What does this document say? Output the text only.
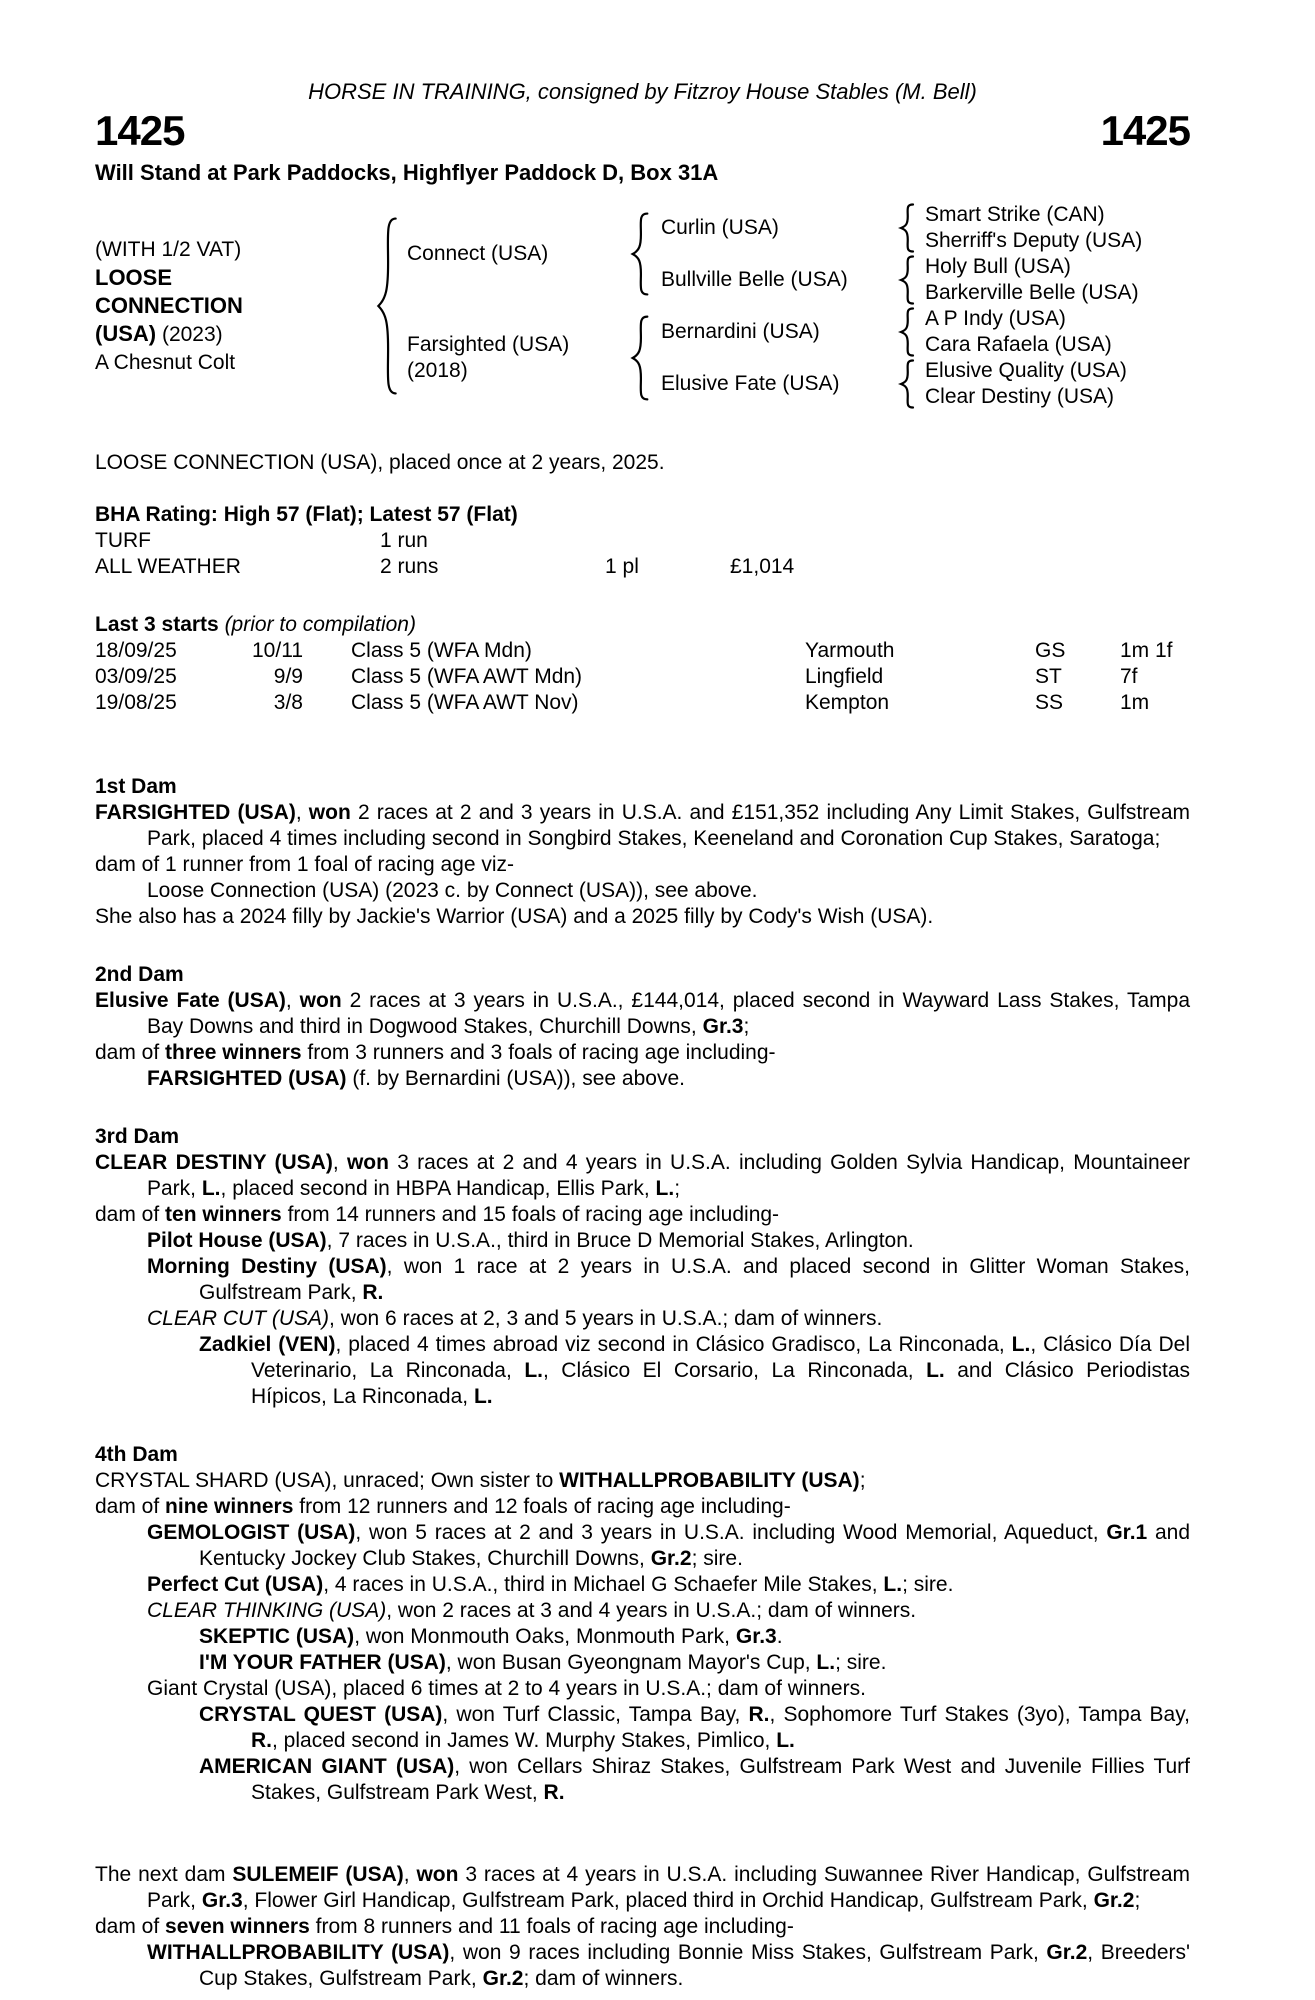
HORSE IN TRAINING, consigned by Fitzroy House Stables (M. Bell)
1425	1425
Will Stand at Park Paddocks, Highflyer Paddock D, Box 31A
(WITH 1/2 VAT)
LOOSE
CONNECTION
(USA) (2023)
A Chesnut Colt
Connect (USA)
Farsighted (USA)
(2018)
Curlin (USA)
Bullville Belle (USA)
Bernardini (USA)
Elusive Fate (USA)
Smart Strike (CAN)
Sherriff's Deputy (USA)
Holy Bull (USA)
Barkerville Belle (USA)
A P Indy (USA)
Cara Rafaela (USA)
Elusive Quality (USA)
Clear Destiny (USA)
LOOSE CONNECTION (USA), placed once at 2 years, 2025.
BHA Rating: High 57 (Flat); Latest 57 (Flat)
TURF	1 run
ALL WEATHER	2 runs	1 pl	£1,014
Last 3 starts (prior to compilation)
18/09/25	10/11	Class 5 (WFA Mdn)	Yarmouth	GS	1m 1f
03/09/25	9/9	Class 5 (WFA AWT Mdn)	Lingfield	ST	7f
19/08/25	3/8	Class 5 (WFA AWT Nov)	Kempton	SS	1m
1st Dam
FARSIGHTED (USA), won 2 races at 2 and 3 years in U.S.A. and £151,352 including Any Limit Stakes, Gulfstream Park, placed 4 times including second in Songbird Stakes, Keeneland and Coronation Cup Stakes, Saratoga;
dam of 1 runner from 1 foal of racing age viz-
Loose Connection (USA) (2023 c. by Connect (USA)), see above.
She also has a 2024 filly by Jackie's Warrior (USA) and a 2025 filly by Cody's Wish (USA).
2nd Dam
Elusive Fate (USA), won 2 races at 3 years in U.S.A., £144,014, placed second in Wayward Lass Stakes, Tampa Bay Downs and third in Dogwood Stakes, Churchill Downs, Gr.3;
dam of three winners from 3 runners and 3 foals of racing age including-
FARSIGHTED (USA) (f. by Bernardini (USA)), see above.
3rd Dam
CLEAR DESTINY (USA), won 3 races at 2 and 4 years in U.S.A. including Golden Sylvia Handicap, Mountaineer Park, L., placed second in HBPA Handicap, Ellis Park, L.;
dam of ten winners from 14 runners and 15 foals of racing age including-
Pilot House (USA), 7 races in U.S.A., third in Bruce D Memorial Stakes, Arlington.
Morning Destiny (USA), won 1 race at 2 years in U.S.A. and placed second in Glitter Woman Stakes, Gulfstream Park, R.
CLEAR CUT (USA), won 6 races at 2, 3 and 5 years in U.S.A.; dam of winners.
Zadkiel (VEN), placed 4 times abroad viz second in Clásico Gradisco, La Rinconada, L., Clásico Día Del Veterinario, La Rinconada, L., Clásico El Corsario, La Rinconada, L. and Clásico Periodistas Hípicos, La Rinconada, L.
4th Dam
CRYSTAL SHARD (USA), unraced; Own sister to WITHALLPROBABILITY (USA);
dam of nine winners from 12 runners and 12 foals of racing age including-
GEMOLOGIST (USA), won 5 races at 2 and 3 years in U.S.A. including Wood Memorial, Aqueduct, Gr.1 and Kentucky Jockey Club Stakes, Churchill Downs, Gr.2; sire.
Perfect Cut (USA), 4 races in U.S.A., third in Michael G Schaefer Mile Stakes, L.; sire.
CLEAR THINKING (USA), won 2 races at 3 and 4 years in U.S.A.; dam of winners.
SKEPTIC (USA), won Monmouth Oaks, Monmouth Park, Gr.3.
I'M YOUR FATHER (USA), won Busan Gyeongnam Mayor's Cup, L.; sire.
Giant Crystal (USA), placed 6 times at 2 to 4 years in U.S.A.; dam of winners.
CRYSTAL QUEST (USA), won Turf Classic, Tampa Bay, R., Sophomore Turf Stakes (3yo), Tampa Bay, R., placed second in James W. Murphy Stakes, Pimlico, L.
AMERICAN GIANT (USA), won Cellars Shiraz Stakes, Gulfstream Park West and Juvenile Fillies Turf Stakes, Gulfstream Park West, R.
The next dam SULEMEIF (USA), won 3 races at 4 years in U.S.A. including Suwannee River Handicap, Gulfstream Park, Gr.3, Flower Girl Handicap, Gulfstream Park, placed third in Orchid Handicap, Gulfstream Park, Gr.2;
dam of seven winners from 8 runners and 11 foals of racing age including-
WITHALLPROBABILITY (USA), won 9 races including Bonnie Miss Stakes, Gulfstream Park, Gr.2, Breeders' Cup Stakes, Gulfstream Park, Gr.2; dam of winners.
